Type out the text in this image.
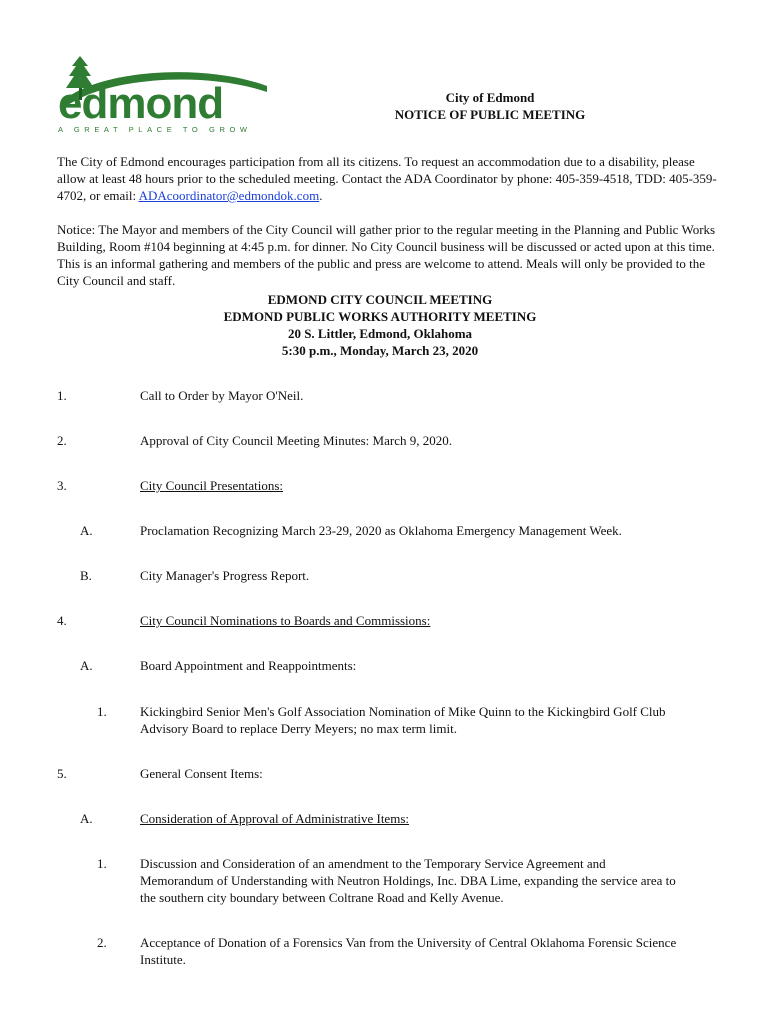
edmond
A GREAT PLACE TO GROW
City of Edmond
NOTICE OF PUBLIC MEETING
The City of Edmond encourages participation from all its citizens. To request an accommodation due to a disability, please allow at least 48 hours prior to the scheduled meeting. Contact the ADA Coordinator by phone: 405-359-4518, TDD: 405-359-4702, or email: ADAcoordinator@edmondok.com.
Notice: The Mayor and members of the City Council will gather prior to the regular meeting in the Planning and Public Works Building, Room #104 beginning at 4:45 p.m. for dinner. No City Council business will be discussed or acted upon at this time. This is an informal gathering and members of the public and press are welcome to attend. Meals will only be provided to the City Council and staff.
EDMOND CITY COUNCIL MEETING
EDMOND PUBLIC WORKS AUTHORITY MEETING
20 S. Littler, Edmond, Oklahoma
5:30 p.m., Monday, March 23, 2020
1.	Call to Order by Mayor O'Neil.
2.	Approval of City Council Meeting Minutes: March 9, 2020.
3.	City Council Presentations:
A.	Proclamation Recognizing March 23-29, 2020 as Oklahoma Emergency Management Week.
B.	City Manager's Progress Report.
4.	City Council Nominations to Boards and Commissions:
A.	Board Appointment and Reappointments:
1.	Kickingbird Senior Men's Golf Association Nomination of Mike Quinn to the Kickingbird Golf Club Advisory Board to replace Derry Meyers; no max term limit.
5.	General Consent Items:
A.	Consideration of Approval of Administrative Items:
1.	Discussion and Consideration of an amendment to the Temporary Service Agreement and Memorandum of Understanding with Neutron Holdings, Inc. DBA Lime, expanding the service area to the southern city boundary between Coltrane Road and Kelly Avenue.
2.	Acceptance of Donation of a Forensics Van from the University of Central Oklahoma Forensic Science Institute.
